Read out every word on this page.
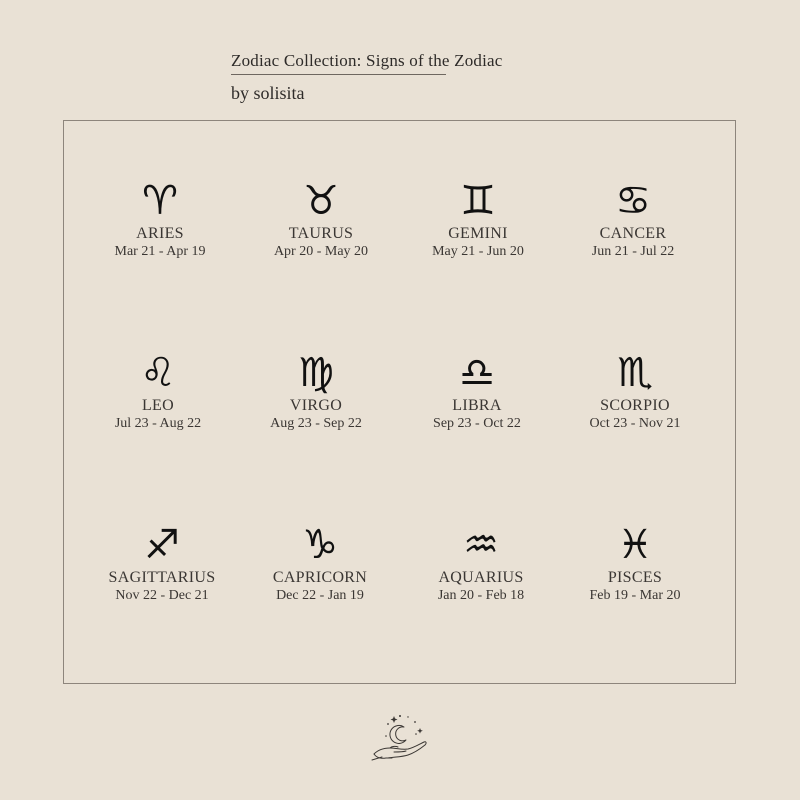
Zodiac Collection: Signs of the Zodiac
by solisita
♈
ARIES
Mar 21 - Apr 19
♉
TAURUS
Apr 20 - May 20
♊
GEMINI
May 21 - Jun 20
♋
CANCER
Jun 21 - Jul 22
♌
LEO
Jul 23 - Aug 22
♍
VIRGO
Aug 23 - Sep 22
♎
LIBRA
Sep 23 - Oct 22
♏
SCORPIO
Oct 23 - Nov 21
♐
SAGITTARIUS
Nov 22 - Dec 21
♑
CAPRICORN
Dec 22 - Jan 19
♒
AQUARIUS
Jan 20 - Feb 18
♓
PISCES
Feb 19 - Mar 20
